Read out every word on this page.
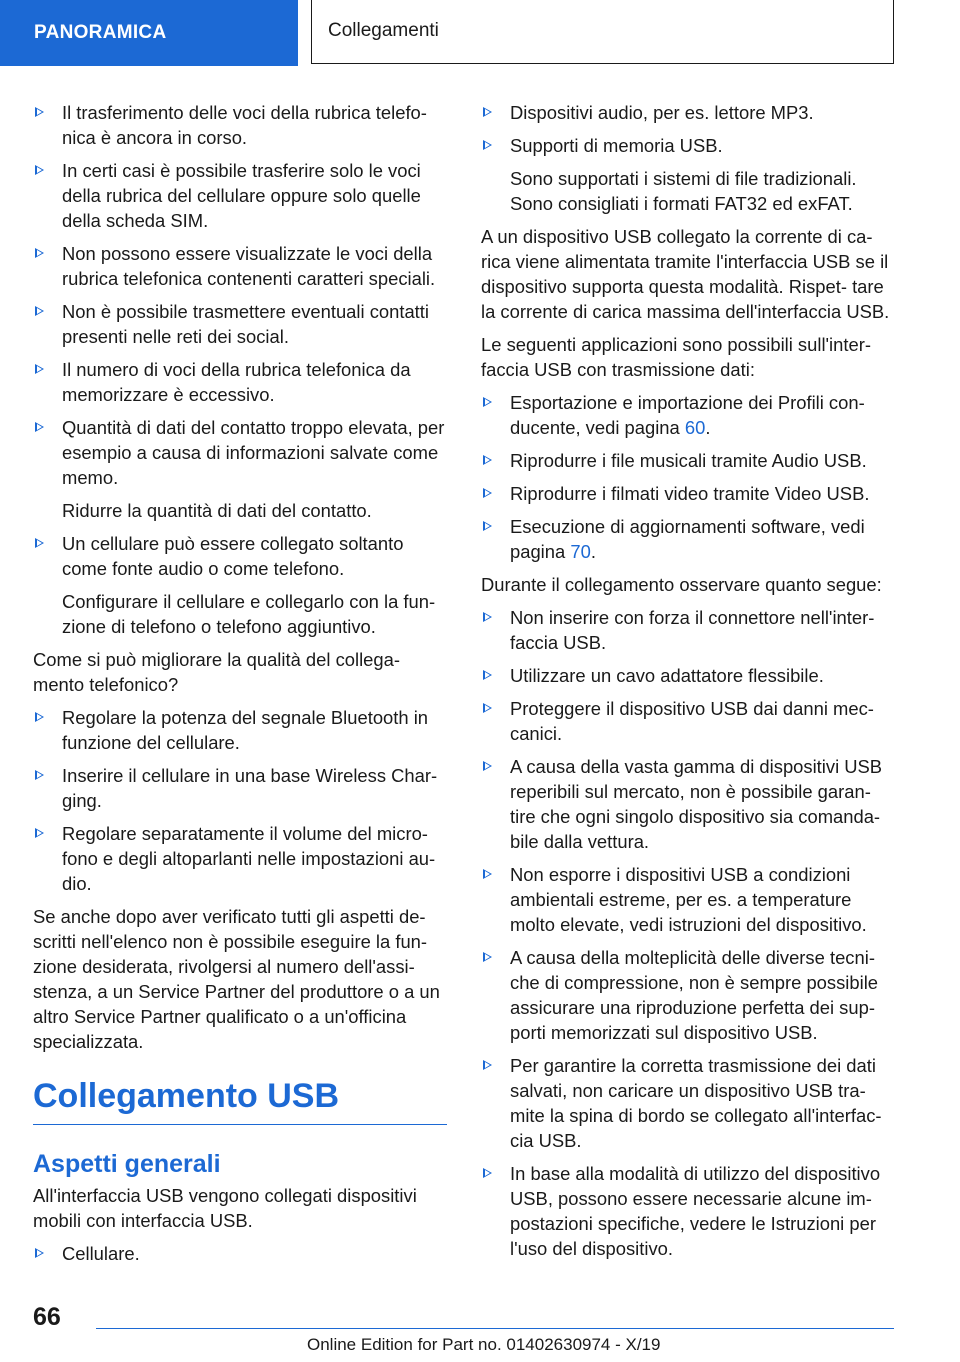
PANORAMICA	Collegamenti
Il trasferimento delle voci della rubrica telefo- nica è ancora in corso.
In certi casi è possibile trasferire solo le voci della rubrica del cellulare oppure solo quelle della scheda SIM.
Non possono essere visualizzate le voci della rubrica telefonica contenenti caratteri speciali.
Non è possibile trasmettere eventuali contatti presenti nelle reti dei social.
Il numero di voci della rubrica telefonica da memorizzare è eccessivo.
Quantità di dati del contatto troppo elevata, per esempio a causa di informazioni salvate come memo.
Ridurre la quantità di dati del contatto.
Un cellulare può essere collegato soltanto come fonte audio o come telefono.
Configurare il cellulare e collegarlo con la fun- zione di telefono o telefono aggiuntivo.
Come si può migliorare la qualità del collega- mento telefonico?
Regolare la potenza del segnale Bluetooth in funzione del cellulare.
Inserire il cellulare in una base Wireless Char- ging.
Regolare separatamente il volume del micro- fono e degli altoparlanti nelle impostazioni au- dio.
Se anche dopo aver verificato tutti gli aspetti de- scritti nell'elenco non è possibile eseguire la fun- zione desiderata, rivolgersi al numero dell'assi- stenza, a un Service Partner del produttore o a un altro Service Partner qualificato o a un'officina specializzata.
Collegamento USB
Aspetti generali
All'interfaccia USB vengono collegati dispositivi mobili con interfaccia USB.
Cellulare.
Dispositivi audio, per es. lettore MP3.
Supporti di memoria USB.
Sono supportati i sistemi di file tradizionali. Sono consigliati i formati FAT32 ed exFAT.
A un dispositivo USB collegato la corrente di ca- rica viene alimentata tramite l'interfaccia USB se il dispositivo supporta questa modalità. Rispet- tare la corrente di carica massima dell'interfaccia USB.
Le seguenti applicazioni sono possibili sull'inter- faccia USB con trasmissione dati:
Esportazione e importazione dei Profili con- ducente, vedi pagina 60.
Riprodurre i file musicali tramite Audio USB.
Riprodurre i filmati video tramite Video USB.
Esecuzione di aggiornamenti software, vedi pagina 70.
Durante il collegamento osservare quanto segue:
Non inserire con forza il connettore nell'inter- faccia USB.
Utilizzare un cavo adattatore flessibile.
Proteggere il dispositivo USB dai danni mec- canici.
A causa della vasta gamma di dispositivi USB reperibili sul mercato, non è possibile garan- tire che ogni singolo dispositivo sia comanda- bile dalla vettura.
Non esporre i dispositivi USB a condizioni ambientali estreme, per es. a temperature molto elevate, vedi istruzioni del dispositivo.
A causa della molteplicità delle diverse tecni- che di compressione, non è sempre possibile assicurare una riproduzione perfetta dei sup- porti memorizzati sul dispositivo USB.
Per garantire la corretta trasmissione dei dati salvati, non caricare un dispositivo USB tra- mite la spina di bordo se collegato all'interfac- cia USB.
In base alla modalità di utilizzo del dispositivo USB, possono essere necessarie alcune im- postazioni specifiche, vedere le Istruzioni per l'uso del dispositivo.
66
Online Edition for Part no. 01402630974 - X/19
